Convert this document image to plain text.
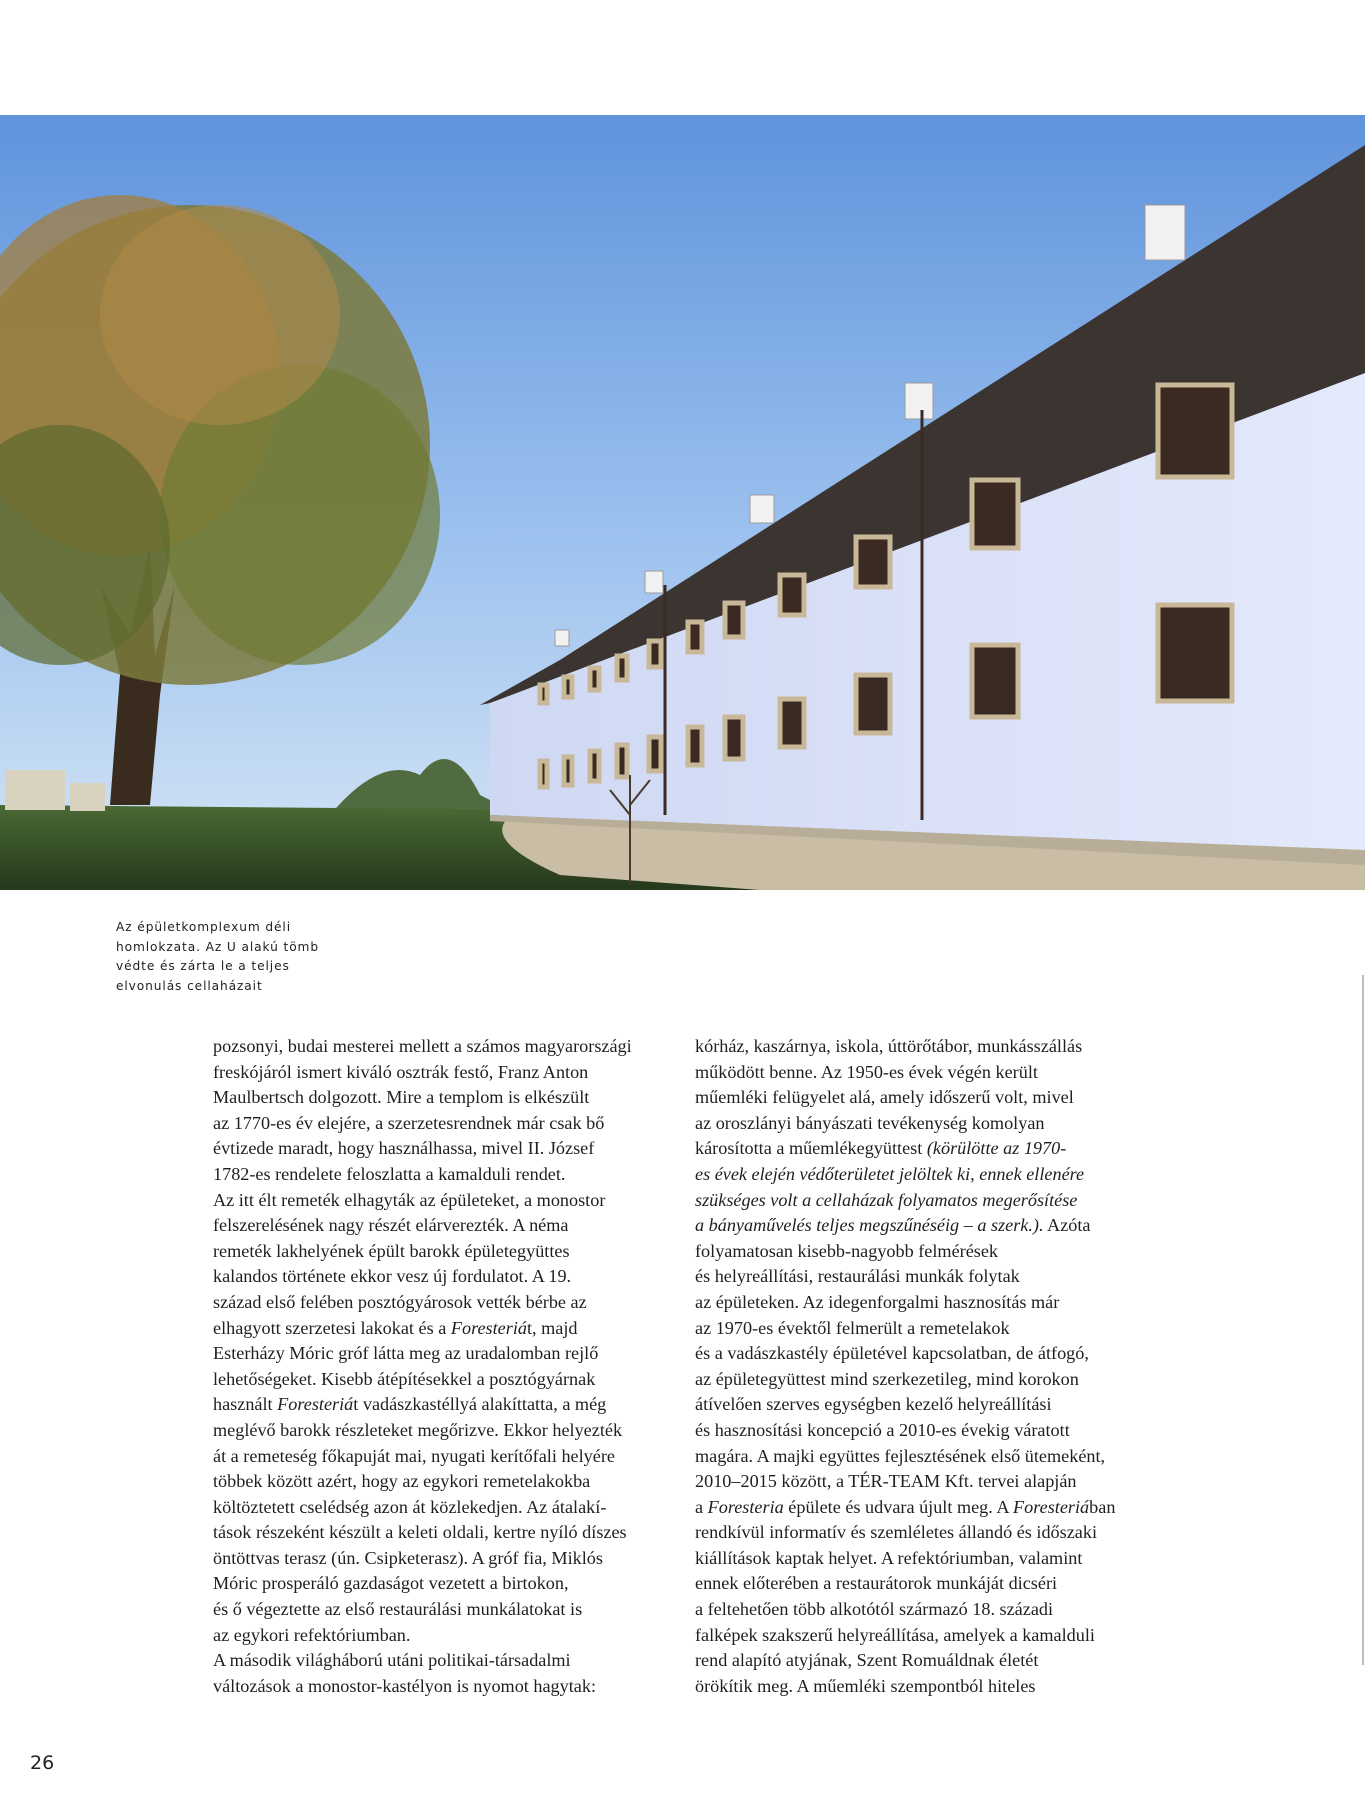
Az épületkomplexum déli
homlokzata. Az U alakú tömb
védte és zárta le a teljes
elvonulás cellaházait
pozsonyi, budai mesterei mellett a számos magyarországi
freskójáról ismert kiváló osztrák festő, Franz Anton
Maulbertsch dolgozott. Mire a templom is elkészült
az 1770-es év elejére, a szerzetesrendnek már csak bő
évtizede maradt, hogy használhassa, mivel II. József
1782-es rendelete feloszlatta a kamalduli rendet.
Az itt élt remeték elhagyták az épületeket, a monostor
felszerelésének nagy részét elárverezték. A néma
remeték lakhelyének épült barokk épületegyüttes
kalandos története ekkor vesz új fordulatot. A 19.
század első felében posztógyárosok vették bérbe az
elhagyott szerzetesi lakokat és a Foresteriát, majd
Esterházy Móric gróf látta meg az uradalomban rejlő
lehetőségeket. Kisebb átépítésekkel a posztógyárnak
használt Foresteriát vadászkastéllyá alakíttatta, a még
meglévő barokk részleteket megőrizve. Ekkor helyezték
át a remeteség főkapuját mai, nyugati kerítőfali helyére
többek között azért, hogy az egykori remetelakokba
költöztetett cselédség azon át közlekedjen. Az átalakí-
tások részeként készült a keleti oldali, kertre nyíló díszes
öntöttvas terasz (ún. Csipketerasz). A gróf fia, Miklós
Móric prosperáló gazdaságot vezetett a birtokon,
és ő végeztette az első restaurálási munkálatokat is
az egykori refektóriumban.
A második világháború utáni politikai-társadalmi
változások a monostor-kastélyon is nyomot hagytak:
kórház, kaszárnya, iskola, úttörőtábor, munkásszállás
működött benne. Az 1950-es évek végén került
műemléki felügyelet alá, amely időszerű volt, mivel
az oroszlányi bányászati tevékenység komolyan
károsította a műemlékegyüttest (körülötte az 1970-
es évek elején védőterületet jelöltek ki, ennek ellenére
szükséges volt a cellaházak folyamatos megerősítése
a bányaművelés teljes megszűnéséig – a szerk.). Azóta
folyamatosan kisebb-nagyobb felmérések
és helyreállítási, restaurálási munkák folytak
az épületeken. Az idegenforgalmi hasznosítás már
az 1970-es évektől felmerült a remetelakok
és a vadászkastély épületével kapcsolatban, de átfogó,
az épületegyüttest mind szerkezetileg, mind korokon
átívelően szerves egységben kezelő helyreállítási
és hasznosítási koncepció a 2010-es évekig váratott
magára. A majki együttes fejlesztésének első ütemeként,
2010–2015 között, a TÉR-TEAM Kft. tervei alapján
a Foresteria épülete és udvara újult meg. A Foresteriában
rendkívül informatív és szemléletes állandó és időszaki
kiállítások kaptak helyet. A refektóriumban, valamint
ennek előterében a restaurátorok munkáját dicséri
a feltehetően több alkotótól származó 18. századi
falképek szakszerű helyreállítása, amelyek a kamalduli
rend alapító atyjának, Szent Romuáldnak életét
örökítik meg. A műemléki szempontból hiteles
26
